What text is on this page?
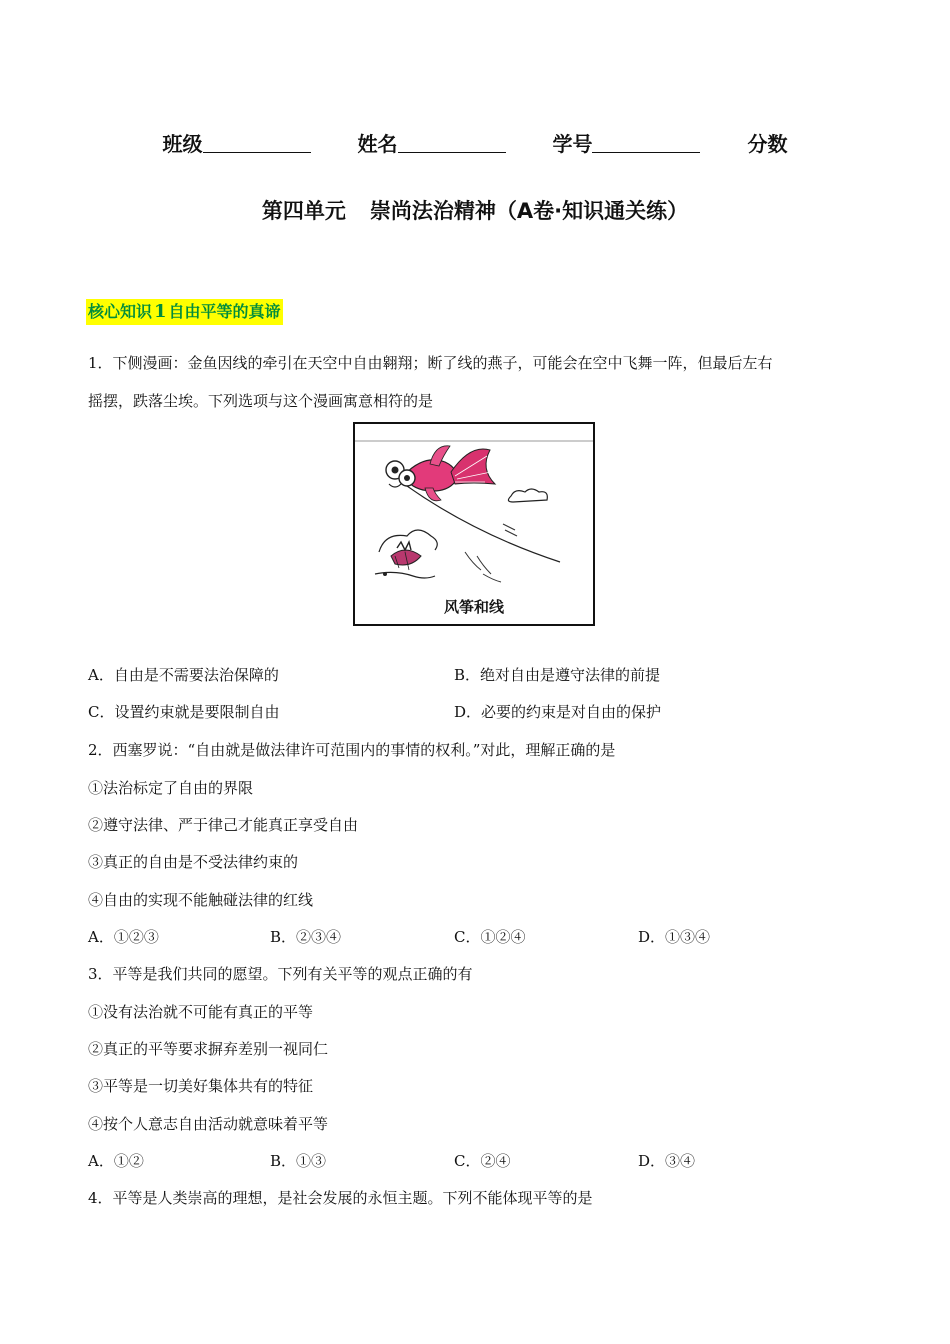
班级	姓名	学号	分数
第四单元 崇尚法治精神（A卷·知识通关练）
核心知识 1 自由平等的真谛
1．下侧漫画：金鱼因线的牵引在天空中自由翱翔；断了线的燕子，可能会在空中飞舞一阵，但最后左右
摇摆，跌落尘埃。下列选项与这个漫画寓意相符的是
风筝和线
A．自由是不需要法治保障的	B．绝对自由是遵守法律的前提
C．设置约束就是要限制自由	D．必要的约束是对自由的保护
2．西塞罗说：“自由就是做法律许可范围内的事情的权利。”对此，理解正确的是
①法治标定了自由的界限
②遵守法律、严于律己才能真正享受自由
③真正的自由是不受法律约束的
④自由的实现不能触碰法律的红线
A．①②③	B．②③④	C．①②④	D．①③④
3．平等是我们共同的愿望。下列有关平等的观点正确的有
①没有法治就不可能有真正的平等
②真正的平等要求摒弃差别一视同仁
③平等是一切美好集体共有的特征
④按个人意志自由活动就意味着平等
A．①②	B．①③	C．②④	D．③④
4．平等是人类崇高的理想，是社会发展的永恒主题。下列不能体现平等的是
